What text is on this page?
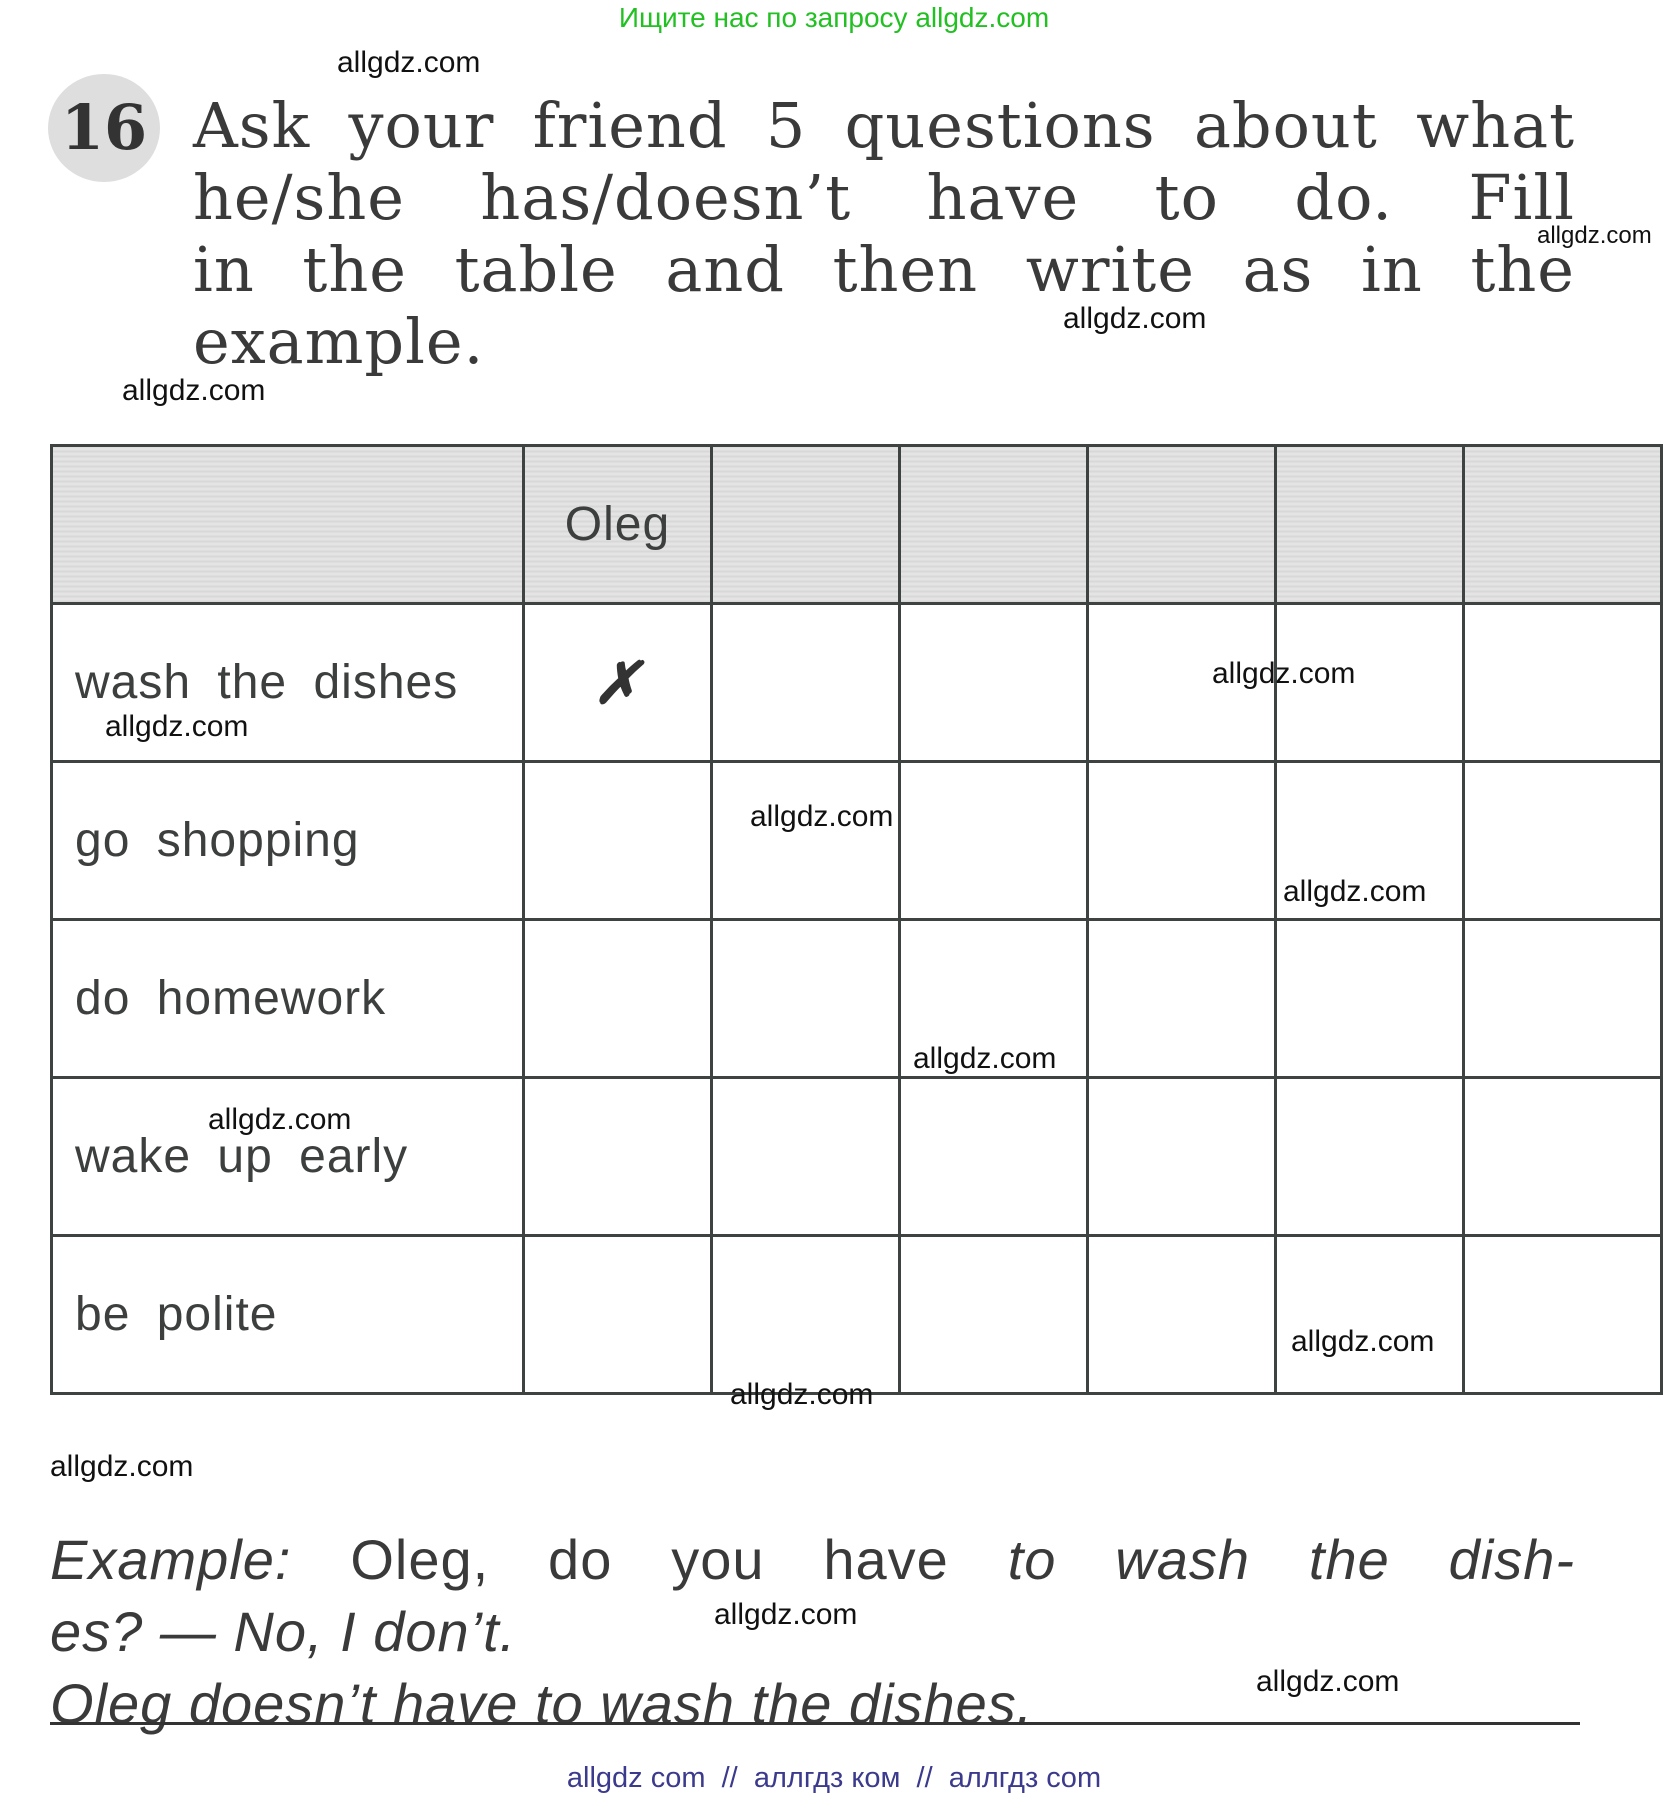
Ищите нас по запросу allgdz.com
16 Ask your friend 5 questions about what
he/she has/doesn’t have to do. Fill
in the table and then write as in the
example.
	Oleg					
wash the dishes	✗					
go shopping						
do homework						
wake up early						
be polite						
Example: Oleg, do you have to wash the dish-
es? — No, I don’t.
Oleg doesn’t have to wash the dishes.
allgdz.com
allgdz.com
allgdz.com
allgdz.com
allgdz.com
allgdz.com
allgdz.com
allgdz.com
allgdz.com
allgdz.com
allgdz.com
allgdz.com
allgdz.com
allgdz.com
allgdz.com
allgdz com  //  аллгдз ком  //  аллгдз com
